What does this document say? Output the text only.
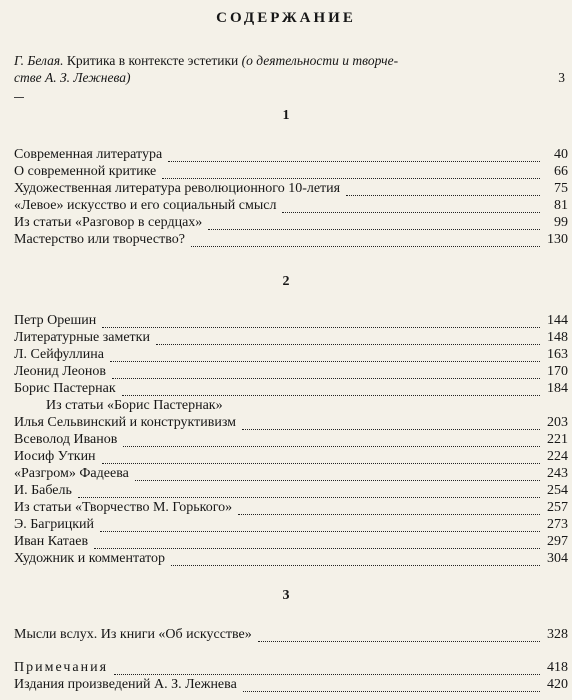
СОДЕРЖАНИЕ
Г. Белая. Критика в контексте эстетики (о деятельности и творче-
стве А. З. Лежнева)	3
1
Современная литература	40
О современной критике	66
Художественная литература революционного 10-летия	75
«Левое» искусство и его социальный смысл	81
Из статьи «Разговор в сердцах»	99
Мастерство или творчество?	130
2
Петр Орешин	144
Литературные заметки	148
Л. Сейфуллина	163
Леонид Леонов	170
Борис Пастернак	184
Из статьи «Борис Пастернак»
Илья Сельвинский и конструктивизм	203
Всеволод Иванов	221
Иосиф Уткин	224
«Разгром» Фадеева	243
И. Бабель	254
Из статьи «Творчество М. Горького»	257
Э. Багрицкий	273
Иван Катаев	297
Художник и комментатор	304
3
Мысли вслух. Из книги «Об искусстве»	328
Примечания	418
Издания произведений А. З. Лежнева	420
